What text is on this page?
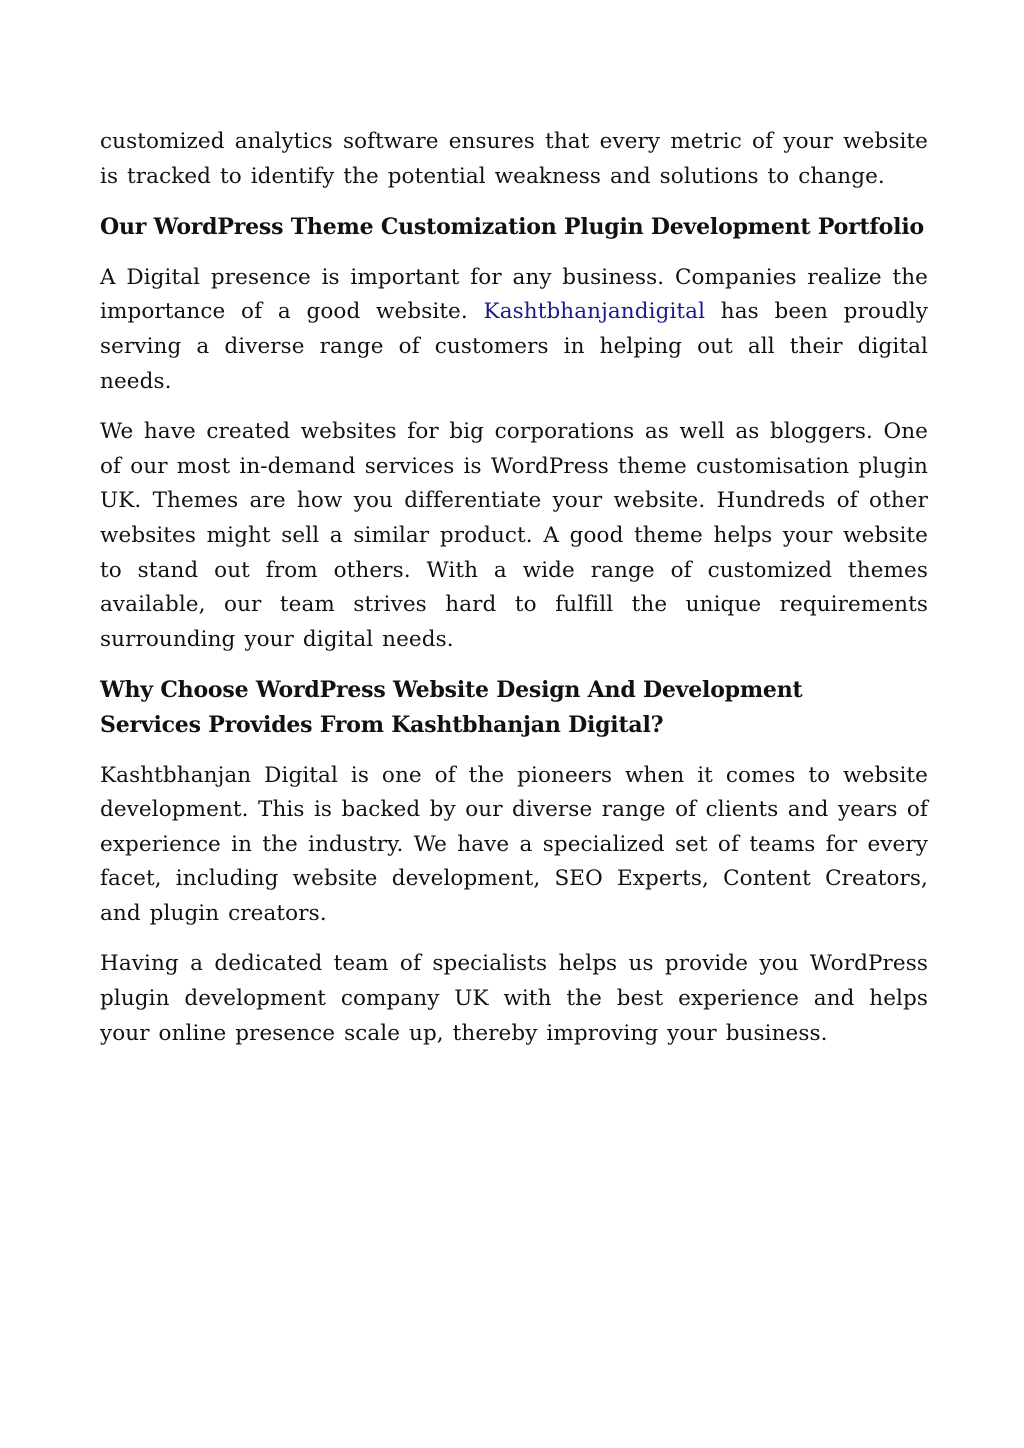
customized analytics software ensures that every metric of your website is tracked to identify the potential weakness and solutions to change.

Our WordPress Theme Customization Plugin Development Portfolio

A Digital presence is important for any business. Companies realize the importance of a good website. Kashtbhanjandigital has been proudly serving a diverse range of customers in helping out all their digital needs.

We have created websites for big corporations as well as bloggers. One of our most in-demand services is WordPress theme customisation plugin UK. Themes are how you differentiate your website. Hundreds of other websites might sell a similar product. A good theme helps your website to stand out from others. With a wide range of customized themes available, our team strives hard to fulfill the unique requirements surrounding your digital needs.

Why Choose WordPress Website Design And Development Services Provides From Kashtbhanjan Digital?

Kashtbhanjan Digital is one of the pioneers when it comes to website development. This is backed by our diverse range of clients and years of experience in the industry. We have a specialized set of teams for every facet, including website development, SEO Experts, Content Creators, and plugin creators.

Having a dedicated team of specialists helps us provide you WordPress plugin development company UK with the best experience and helps your online presence scale up, thereby improving your business.
